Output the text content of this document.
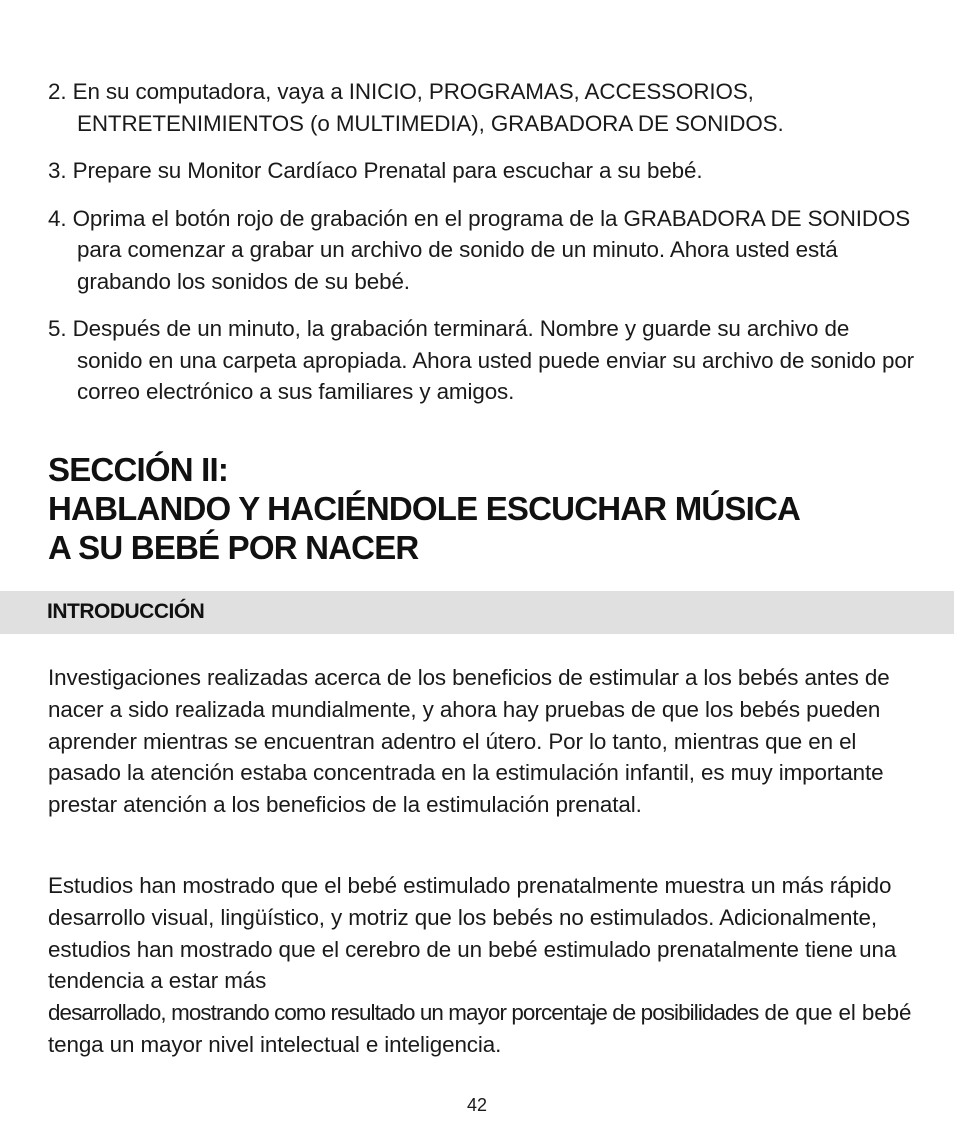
2. En su computadora, vaya a INICIO, PROGRAMAS, ACCESSORIOS, ENTRETENIMIENTOS (o MULTIMEDIA), GRABADORA DE SONIDOS.
3. Prepare su Monitor Cardíaco Prenatal para escuchar a su bebé.
4. Oprima el botón rojo de grabación en el programa de la GRABADORA DE SONIDOS para comenzar a grabar un archivo de sonido de un minuto. Ahora usted está grabando los sonidos de su bebé.
5. Después de un minuto, la grabación terminará. Nombre y guarde su archivo de sonido en una carpeta apropiada. Ahora usted puede enviar su archivo de sonido por correo electrónico a sus familiares y amigos.
SECCIÓN II:
HABLANDO Y HACIÉNDOLE ESCUCHAR MÚSICA
A SU BEBÉ POR NACER
INTRODUCCIÓN

Investigaciones realizadas acerca de los beneficios de estimular a los bebés antes de nacer a sido realizada mundialmente, y ahora hay pruebas de que los bebés pueden aprender mientras se encuentran adentro el útero. Por lo tanto, mientras que en el pasado la atención estaba concentrada en la estimulación infantil, es muy importante prestar atención a los beneficios de la estimulación prenatal.

Estudios han mostrado que el bebé estimulado prenatalmente muestra un más rápido desarrollo visual, lingüístico, y motriz que los bebés no estimulados. Adicionalmente, estudios han mostrado que el cerebro de un bebé estimulado prenatalmente tiene una tendencia a estar más desarrollado, mostrando como resultado un mayor porcentaje de posibilidades de que el bebé tenga un mayor nivel intelectual e inteligencia.

42
